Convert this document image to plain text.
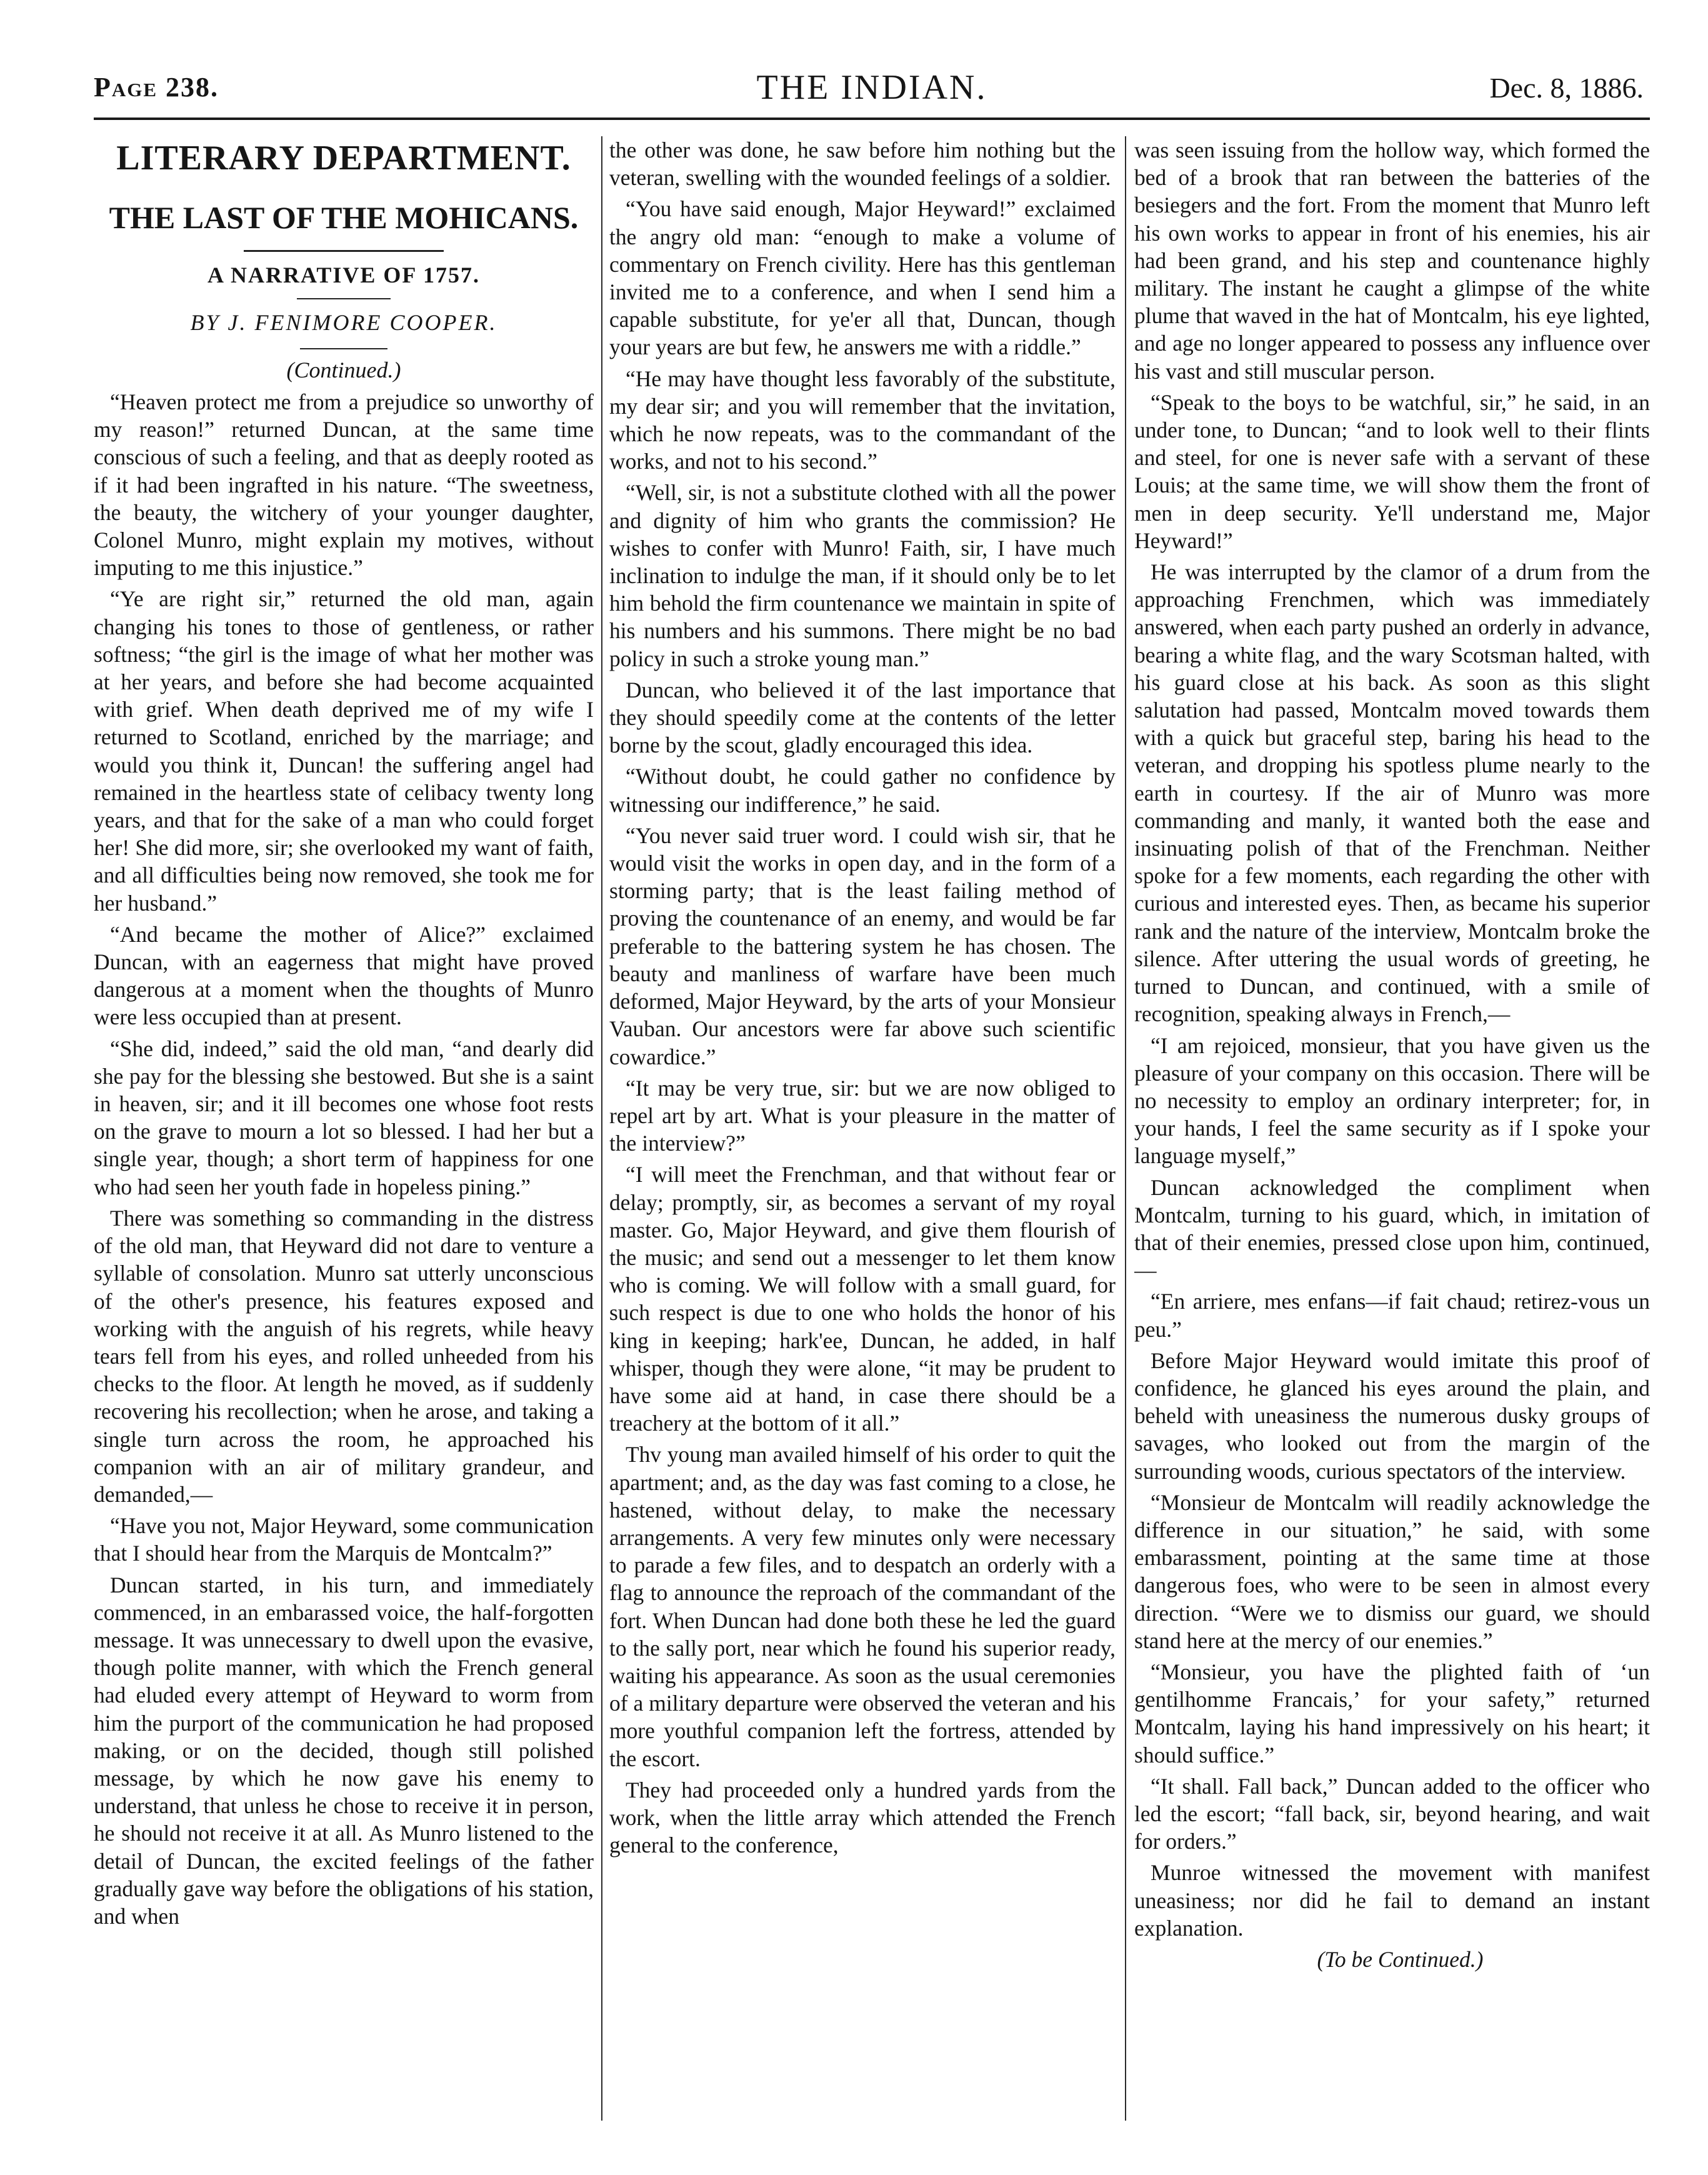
Page 238.	THE INDIAN.	Dec. 8, 1886.
LITERARY DEPARTMENT.
THE LAST OF THE MOHICANS.
A NARRATIVE OF 1757.
BY J. FENIMORE COOPER.
(Continued.)

“Heaven protect me from a prejudice so unworthy of my reason!” returned Duncan, at the same time conscious of such a feeling, and that as deeply rooted as if it had been ingrafted in his nature. “The sweetness, the beauty, the witchery of your younger daughter, Colonel Munro, might explain my motives, without imputing to me this injustice.”

“Ye are right sir,” returned the old man, again changing his tones to those of gentleness, or rather softness; “the girl is the image of what her mother was at her years, and before she had become acquainted with grief. When death deprived me of my wife I returned to Scotland, enriched by the marriage; and would you think it, Duncan! the suffering angel had remained in the heartless state of celibacy twenty long years, and that for the sake of a man who could forget her! She did more, sir; she overlooked my want of faith, and all difficulties being now removed, she took me for her husband.”

“And became the mother of Alice?” exclaimed Duncan, with an eagerness that might have proved dangerous at a moment when the thoughts of Munro were less occupied than at present.

“She did, indeed,” said the old man, “and dearly did she pay for the blessing she bestowed. But she is a saint in heaven, sir; and it ill becomes one whose foot rests on the grave to mourn a lot so blessed. I had her but a single year, though; a short term of happiness for one who had seen her youth fade in hopeless pining.”

There was something so commanding in the distress of the old man, that Heyward did not dare to venture a syllable of consolation. Munro sat utterly unconscious of the other's presence, his features exposed and working with the anguish of his regrets, while heavy tears fell from his eyes, and rolled unheeded from his checks to the floor. At length he moved, as if suddenly recovering his recollection; when he arose, and taking a single turn across the room, he approached his companion with an air of military grandeur, and demanded,—

“Have you not, Major Heyward, some communication that I should hear from the Marquis de Montcalm?”

Duncan started, in his turn, and immediately commenced, in an embarassed voice, the half-forgotten message. It was unnecessary to dwell upon the evasive, though polite manner, with which the French general had eluded every attempt of Heyward to worm from him the purport of the communication he had proposed making, or on the decided, though still polished message, by which he now gave his enemy to understand, that unless he chose to receive it in person, he should not receive it at all. As Munro listened to the detail of Duncan, the excited feelings of the father gradually gave way before the obligations of his station, and when

the other was done, he saw before him nothing but the veteran, swelling with the wounded feelings of a soldier.

“You have said enough, Major Heyward!” exclaimed the angry old man: “enough to make a volume of commentary on French civility. Here has this gentleman invited me to a conference, and when I send him a capable substitute, for ye'er all that, Duncan, though your years are but few, he answers me with a riddle.”

“He may have thought less favorably of the substitute, my dear sir; and you will remember that the invitation, which he now repeats, was to the commandant of the works, and not to his second.”

“Well, sir, is not a substitute clothed with all the power and dignity of him who grants the commission? He wishes to confer with Munro! Faith, sir, I have much inclination to indulge the man, if it should only be to let him behold the firm countenance we maintain in spite of his numbers and his summons. There might be no bad policy in such a stroke young man.”

Duncan, who believed it of the last importance that they should speedily come at the contents of the letter borne by the scout, gladly encouraged this idea.

“Without doubt, he could gather no confidence by witnessing our indifference,” he said.

“You never said truer word. I could wish sir, that he would visit the works in open day, and in the form of a storming party; that is the least failing method of proving the countenance of an enemy, and would be far preferable to the battering system he has chosen. The beauty and manliness of warfare have been much deformed, Major Heyward, by the arts of your Monsieur Vauban. Our ancestors were far above such scientific cowardice.”

“It may be very true, sir: but we are now obliged to repel art by art. What is your pleasure in the matter of the interview?”

“I will meet the Frenchman, and that without fear or delay; promptly, sir, as becomes a servant of my royal master. Go, Major Heyward, and give them flourish of the music; and send out a messenger to let them know who is coming. We will follow with a small guard, for such respect is due to one who holds the honor of his king in keeping; hark'ee, Duncan, he added, in half whisper, though they were alone, “it may be prudent to have some aid at hand, in case there should be a treachery at the bottom of it all.”

Thv young man availed himself of his order to quit the apartment; and, as the day was fast coming to a close, he hastened, without delay, to make the necessary arrangements. A very few minutes only were necessary to parade a few files, and to despatch an orderly with a flag to announce the reproach of the commandant of the fort. When Duncan had done both these he led the guard to the sally port, near which he found his superior ready, waiting his appearance. As soon as the usual ceremonies of a military departure were observed the veteran and his more youthful companion left the fortress, attended by the escort.

They had proceeded only a hundred yards from the work, when the little array which attended the French general to the conference,

was seen issuing from the hollow way, which formed the bed of a brook that ran between the batteries of the besiegers and the fort. From the moment that Munro left his own works to appear in front of his enemies, his air had been grand, and his step and countenance highly military. The instant he caught a glimpse of the white plume that waved in the hat of Montcalm, his eye lighted, and age no longer appeared to possess any influence over his vast and still muscular person.

“Speak to the boys to be watchful, sir,” he said, in an under tone, to Duncan; “and to look well to their flints and steel, for one is never safe with a servant of these Louis; at the same time, we will show them the front of men in deep security. Ye'll understand me, Major Heyward!”

He was interrupted by the clamor of a drum from the approaching Frenchmen, which was immediately answered, when each party pushed an orderly in advance, bearing a white flag, and the wary Scotsman halted, with his guard close at his back. As soon as this slight salutation had passed, Montcalm moved towards them with a quick but graceful step, baring his head to the veteran, and dropping his spotless plume nearly to the earth in courtesy. If the air of Munro was more commanding and manly, it wanted both the ease and insinuating polish of that of the Frenchman. Neither spoke for a few moments, each regarding the other with curious and interested eyes. Then, as became his superior rank and the nature of the interview, Montcalm broke the silence. After uttering the usual words of greeting, he turned to Duncan, and continued, with a smile of recognition, speaking always in French,—

“I am rejoiced, monsieur, that you have given us the pleasure of your company on this occasion. There will be no necessity to employ an ordinary interpreter; for, in your hands, I feel the same security as if I spoke your language myself,”

Duncan acknowledged the compliment when Montcalm, turning to his guard, which, in imitation of that of their enemies, pressed close upon him, continued,—

“En arriere, mes enfans—if fait chaud; retirez-vous un peu.”

Before Major Heyward would imitate this proof of confidence, he glanced his eyes around the plain, and beheld with uneasiness the numerous dusky groups of savages, who looked out from the margin of the surrounding woods, curious spectators of the interview.

“Monsieur de Montcalm will readily acknowledge the difference in our situation,” he said, with some embarassment, pointing at the same time at those dangerous foes, who were to be seen in almost every direction. “Were we to dismiss our guard, we should stand here at the mercy of our enemies.”

“Monsieur, you have the plighted faith of ‘un gentilhomme Francais,’ for your safety,” returned Montcalm, laying his hand impressively on his heart; it should suffice.”

“It shall. Fall back,” Duncan added to the officer who led the escort; “fall back, sir, beyond hearing, and wait for orders.”

Munroe witnessed the movement with manifest uneasiness; nor did he fail to demand an instant explanation.

(To be Continued.)
